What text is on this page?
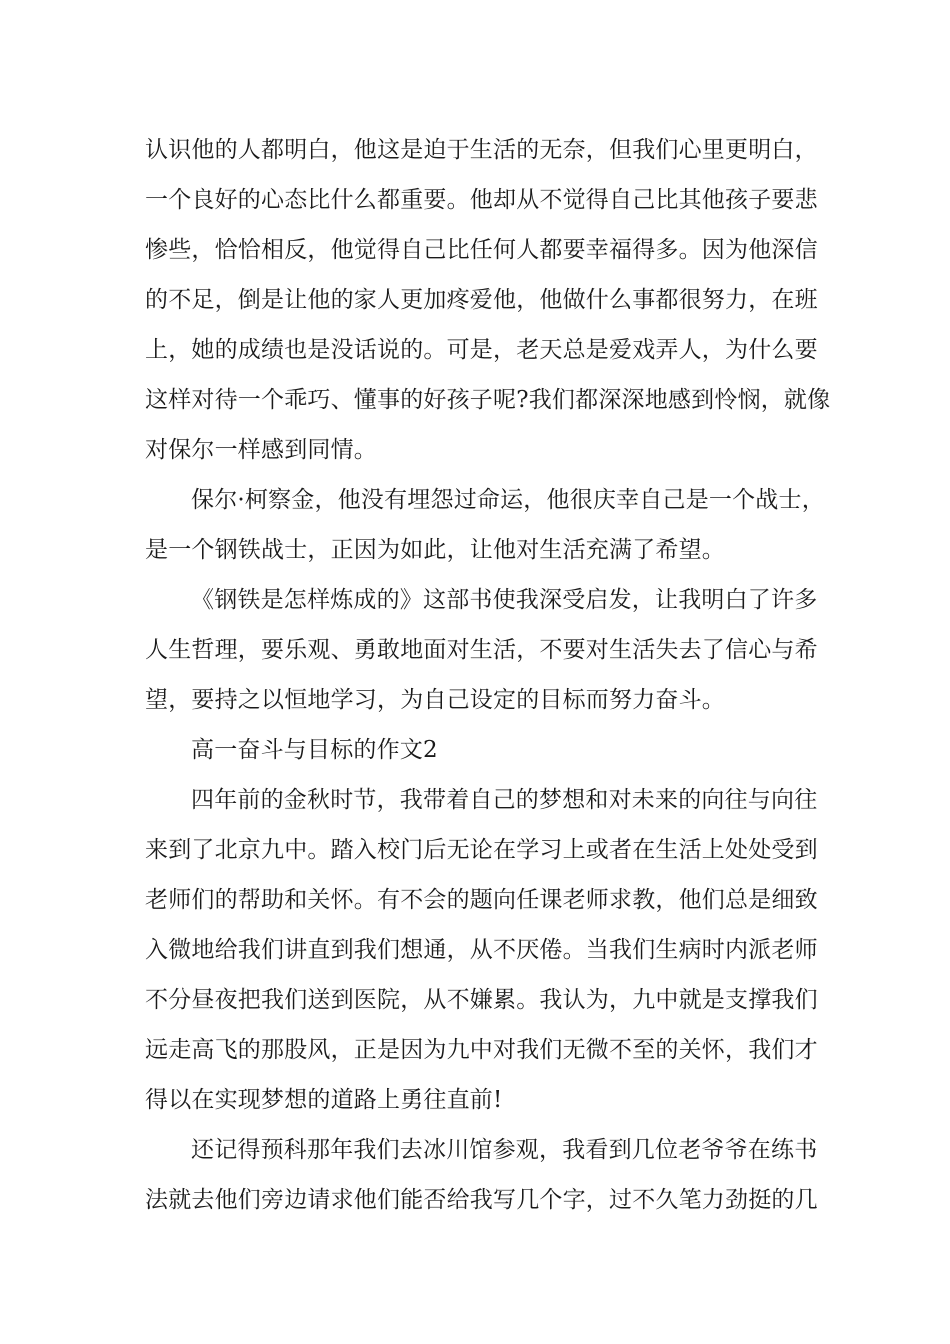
认识他的人都明白，他这是迫于生活的无奈，但我们心里更明白，
一个良好的心态比什么都重要。他却从不觉得自己比其他孩子要悲
惨些，恰恰相反，他觉得自己比任何人都要幸福得多。因为他深信
的不足，倒是让他的家人更加疼爱他，他做什么事都很努力，在班
上，她的成绩也是没话说的。可是，老天总是爱戏弄人，为什么要
这样对待一个乖巧、懂事的好孩子呢?我们都深深地感到怜悯，就像
对保尔一样感到同情。
保尔·柯察金，他没有埋怨过命运，他很庆幸自己是一个战士，
是一个钢铁战士，正因为如此，让他对生活充满了希望。
《钢铁是怎样炼成的》这部书使我深受启发，让我明白了许多
人生哲理，要乐观、勇敢地面对生活，不要对生活失去了信心与希
望，要持之以恒地学习，为自己设定的目标而努力奋斗。
高一奋斗与目标的作文2
四年前的金秋时节，我带着自己的梦想和对未来的向往与向往
来到了北京九中。踏入校门后无论在学习上或者在生活上处处受到
老师们的帮助和关怀。有不会的题向任课老师求教，他们总是细致
入微地给我们讲直到我们想通，从不厌倦。当我们生病时内派老师
不分昼夜把我们送到医院，从不嫌累。我认为，九中就是支撑我们
远走高飞的那股风，正是因为九中对我们无微不至的关怀，我们才
得以在实现梦想的道路上勇往直前!
还记得预科那年我们去冰川馆参观，我看到几位老爷爷在练书
法就去他们旁边请求他们能否给我写几个字，过不久笔力劲挺的几
